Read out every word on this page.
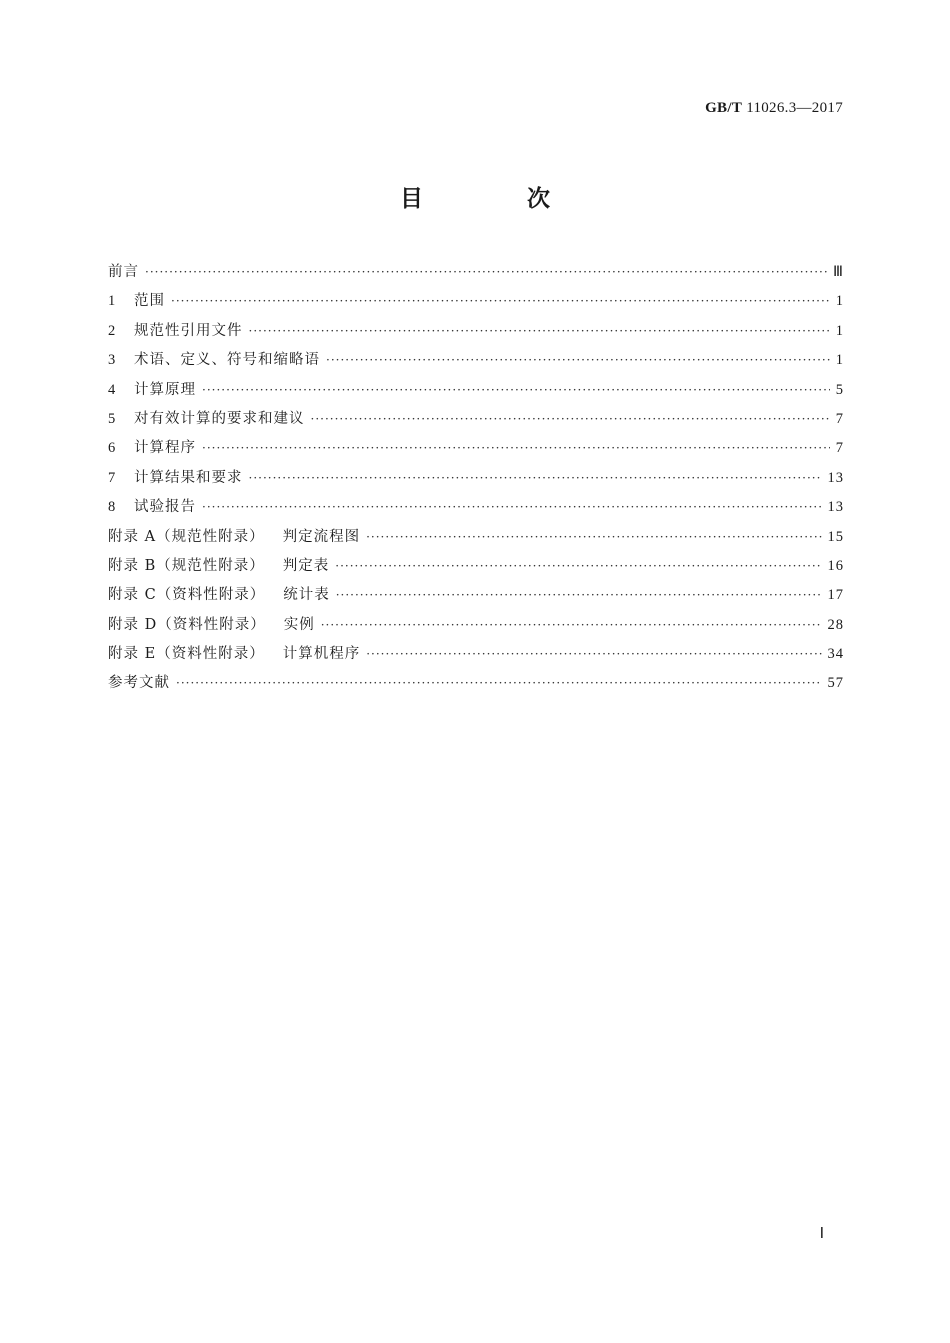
GB/T 11026.3—2017
目 次
前言 ·····	Ⅲ
1	范围 ·····	1
2	规范性引用文件 ·····	1
3	术语、定义、符号和缩略语 ·····	1
4	计算原理 ·····	5
5	对有效计算的要求和建议 ·····	7
6	计算程序 ·····	7
7	计算结果和要求 ·····	13
8	试验报告 ·····	13
附录 A（规范性附录） 判定流程图 ·····	15
附录 B（规范性附录） 判定表 ·····	16
附录 C（资料性附录） 统计表 ·····	17
附录 D（资料性附录） 实例 ·····	28
附录 E（资料性附录） 计算机程序 ·····	34
参考文献 ·····	57
Ⅰ
